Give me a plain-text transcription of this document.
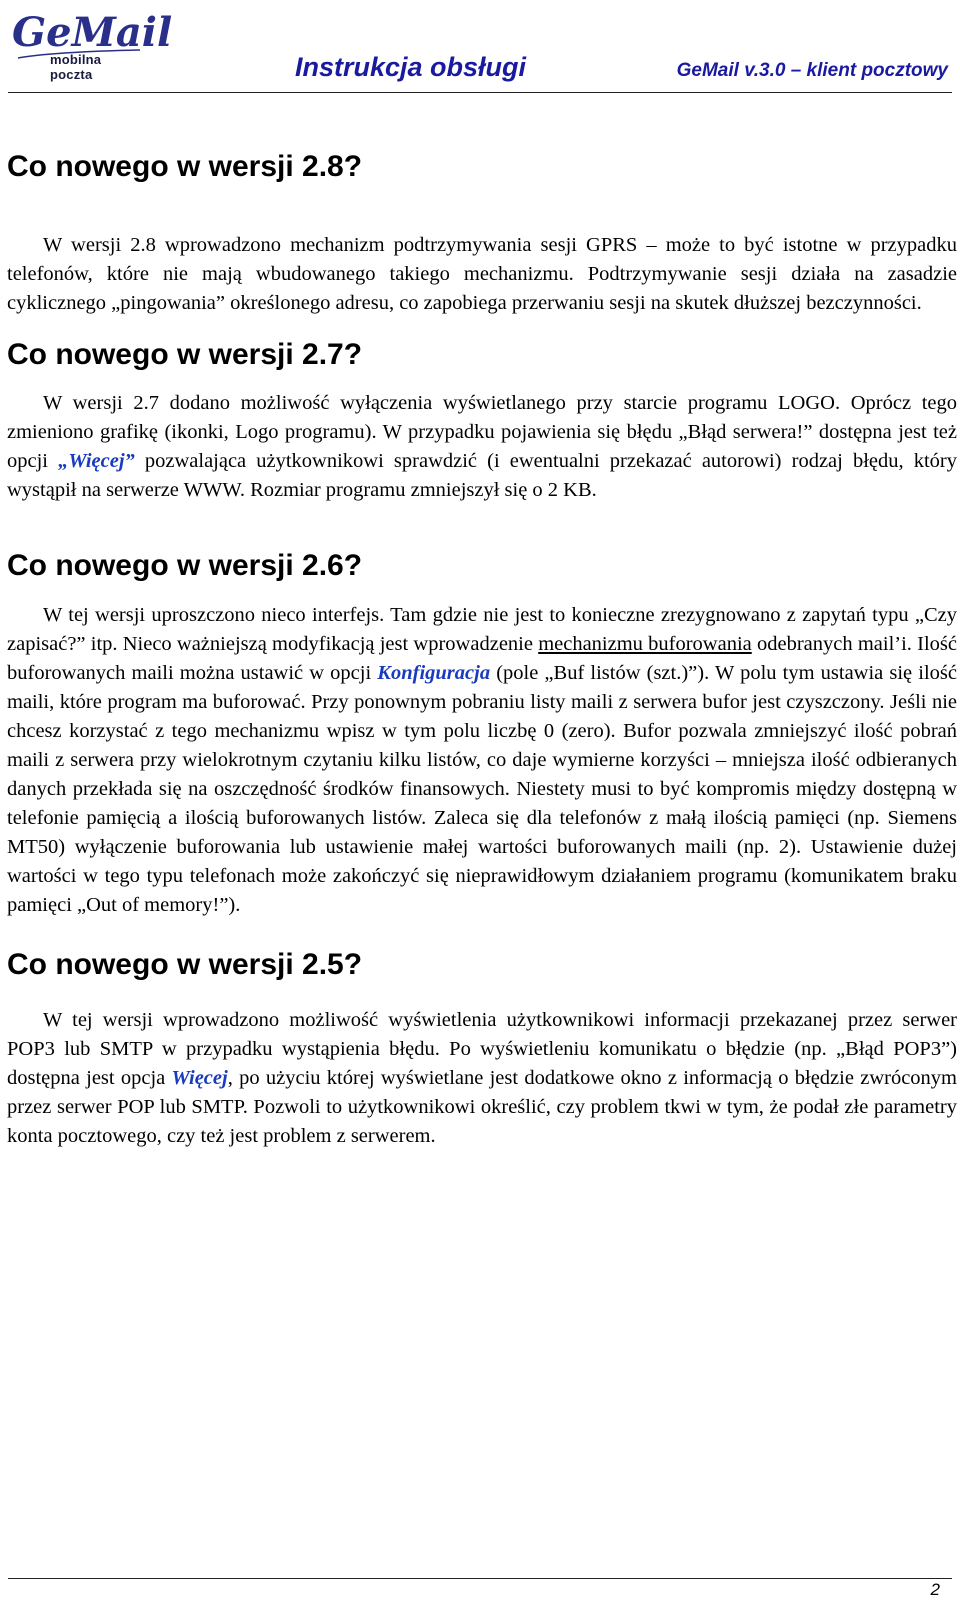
GeMail
mobilna poczta	Instrukcja obsługi	GeMail v.3.0 – klient pocztowy
Co nowego w wersji 2.8?

W wersji 2.8 wprowadzono mechanizm podtrzymywania sesji GPRS – może to być istotne w przypadku telefonów, które nie mają wbudowanego takiego mechanizmu. Podtrzymywanie sesji działa na zasadzie cyklicznego „pingowania” określonego adresu, co zapobiega przerwaniu sesji na skutek dłuższej bezczynności.

Co nowego w wersji 2.7?

W wersji 2.7 dodano możliwość wyłączenia wyświetlanego przy starcie programu LOGO. Oprócz tego zmieniono grafikę (ikonki, Logo programu). W przypadku pojawienia się błędu „Błąd serwera!” dostępna jest też opcji „Więcej” pozwalająca użytkownikowi sprawdzić (i ewentualni przekazać autorowi) rodzaj błędu, który wystąpił na serwerze WWW. Rozmiar programu zmniejszył się o 2 KB.

Co nowego w wersji 2.6?

W tej wersji uproszczono nieco interfejs. Tam gdzie nie jest to konieczne zrezygnowano z zapytań typu „Czy zapisać?” itp. Nieco ważniejszą modyfikacją jest wprowadzenie mechanizmu buforowania odebranych mail’i. Ilość buforowanych maili można ustawić w opcji Konfiguracja (pole „Buf listów (szt.)”). W polu tym ustawia się ilość maili, które program ma buforować. Przy ponownym pobraniu listy maili z serwera bufor jest czyszczony. Jeśli nie chcesz korzystać z tego mechanizmu wpisz w tym polu liczbę 0 (zero). Bufor pozwala zmniejszyć ilość pobrań maili z serwera przy wielokrotnym czytaniu kilku listów, co daje wymierne korzyści – mniejsza ilość odbieranych danych przekłada się na oszczędność środków finansowych. Niestety musi to być kompromis między dostępną w telefonie pamięcią a ilością buforowanych listów. Zaleca się dla telefonów z małą ilością pamięci (np. Siemens MT50) wyłączenie buforowania lub ustawienie małej wartości buforowanych maili (np. 2). Ustawienie dużej wartości w tego typu telefonach może zakończyć się nieprawidłowym działaniem programu (komunikatem braku pamięci „Out of memory!”).

Co nowego w wersji 2.5?

W tej wersji wprowadzono możliwość wyświetlenia użytkownikowi informacji przekazanej przez serwer POP3 lub SMTP w przypadku wystąpienia błędu. Po wyświetleniu komunikatu o błędzie (np. „Błąd POP3”) dostępna jest opcja Więcej, po użyciu której wyświetlane jest dodatkowe okno z informacją o błędzie zwróconym przez serwer POP lub SMTP. Pozwoli to użytkownikowi określić, czy problem tkwi w tym, że podał złe parametry konta pocztowego, czy też jest problem z serwerem.

2
